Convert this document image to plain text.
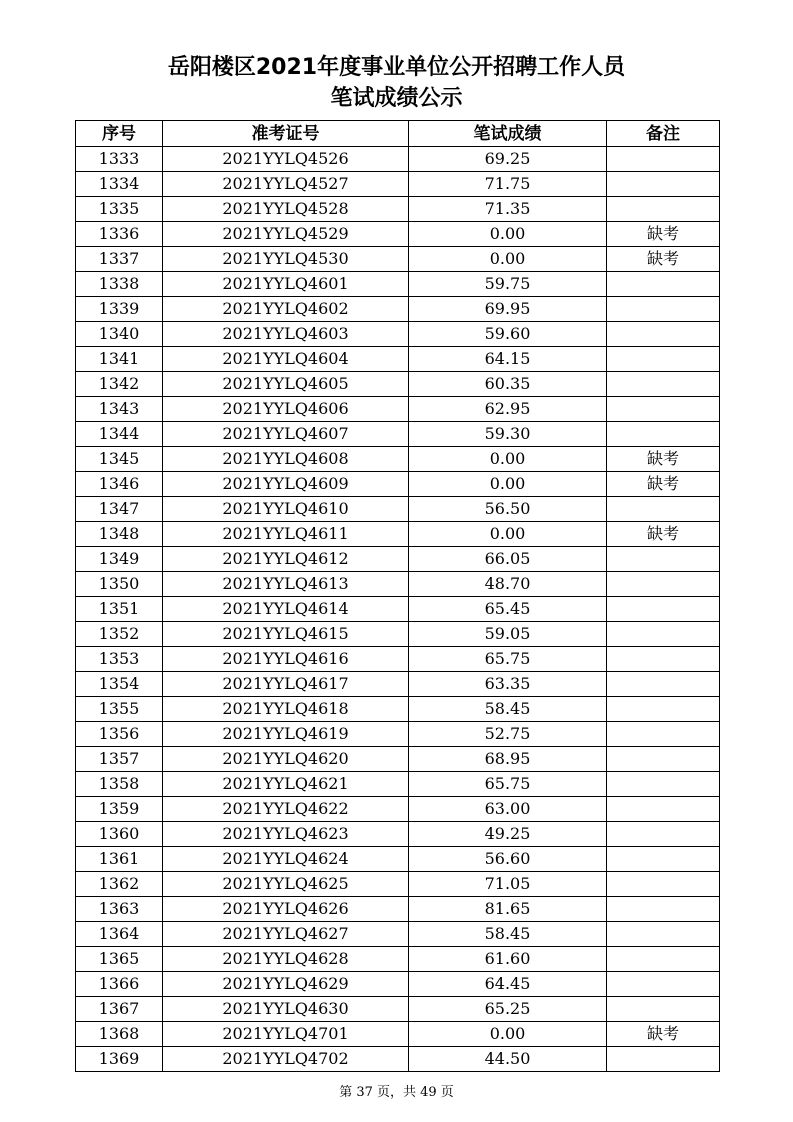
岳阳楼区2021年度事业单位公开招聘工作人员
笔试成绩公示
序号	准考证号	笔试成绩	备注
1333	2021YYLQ4526	69.25	
1334	2021YYLQ4527	71.75	
1335	2021YYLQ4528	71.35	
1336	2021YYLQ4529	0.00	缺考
1337	2021YYLQ4530	0.00	缺考
1338	2021YYLQ4601	59.75	
1339	2021YYLQ4602	69.95	
1340	2021YYLQ4603	59.60	
1341	2021YYLQ4604	64.15	
1342	2021YYLQ4605	60.35	
1343	2021YYLQ4606	62.95	
1344	2021YYLQ4607	59.30	
1345	2021YYLQ4608	0.00	缺考
1346	2021YYLQ4609	0.00	缺考
1347	2021YYLQ4610	56.50	
1348	2021YYLQ4611	0.00	缺考
1349	2021YYLQ4612	66.05	
1350	2021YYLQ4613	48.70	
1351	2021YYLQ4614	65.45	
1352	2021YYLQ4615	59.05	
1353	2021YYLQ4616	65.75	
1354	2021YYLQ4617	63.35	
1355	2021YYLQ4618	58.45	
1356	2021YYLQ4619	52.75	
1357	2021YYLQ4620	68.95	
1358	2021YYLQ4621	65.75	
1359	2021YYLQ4622	63.00	
1360	2021YYLQ4623	49.25	
1361	2021YYLQ4624	56.60	
1362	2021YYLQ4625	71.05	
1363	2021YYLQ4626	81.65	
1364	2021YYLQ4627	58.45	
1365	2021YYLQ4628	61.60	
1366	2021YYLQ4629	64.45	
1367	2021YYLQ4630	65.25	
1368	2021YYLQ4701	0.00	缺考
1369	2021YYLQ4702	44.50	
第 37 页，共 49 页
